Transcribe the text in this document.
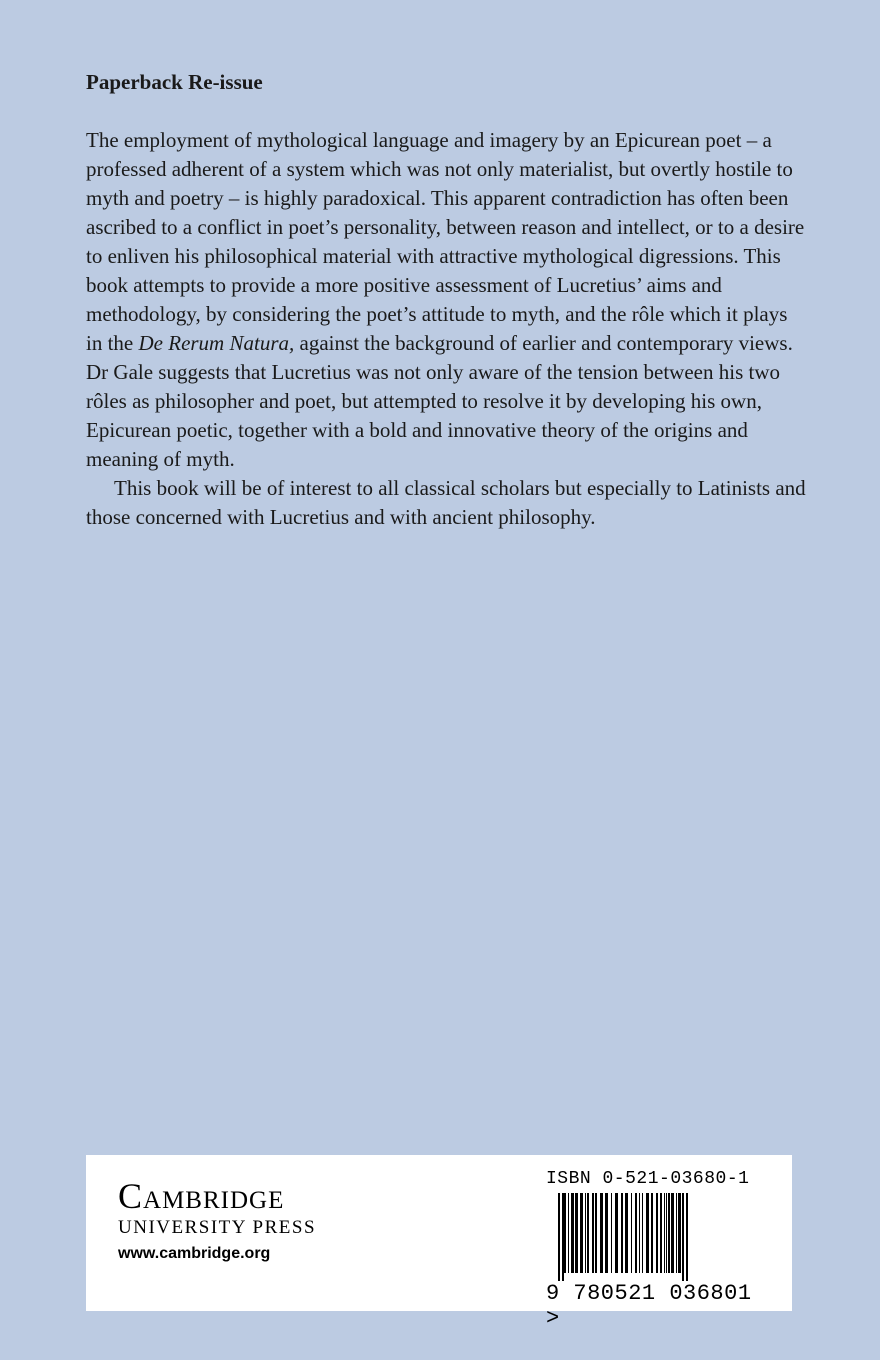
Paperback Re-issue

The employment of mythological language and imagery by an Epicurean poet – a professed adherent of a system which was not only materialist, but overtly hostile to myth and poetry – is highly paradoxical. This apparent contradiction has often been ascribed to a conflict in poet’s personality, between reason and intellect, or to a desire to enliven his philosophical material with attractive mythological digressions. This book attempts to provide a more positive assessment of Lucretius’ aims and methodology, by considering the poet’s attitude to myth, and the rôle which it plays in the De Rerum Natura, against the background of earlier and contemporary views. Dr Gale suggests that Lucretius was not only aware of the tension between his two rôles as philosopher and poet, but attempted to resolve it by developing his own, Epicurean poetic, together with a bold and innovative theory of the origins and meaning of myth.

This book will be of interest to all classical scholars but especially to Latinists and those concerned with Lucretius and with ancient philosophy.

Cambridge
UNIVERSITY PRESS
www.cambridge.org
ISBN 0-521-03680-1
9 780521 036801 >
